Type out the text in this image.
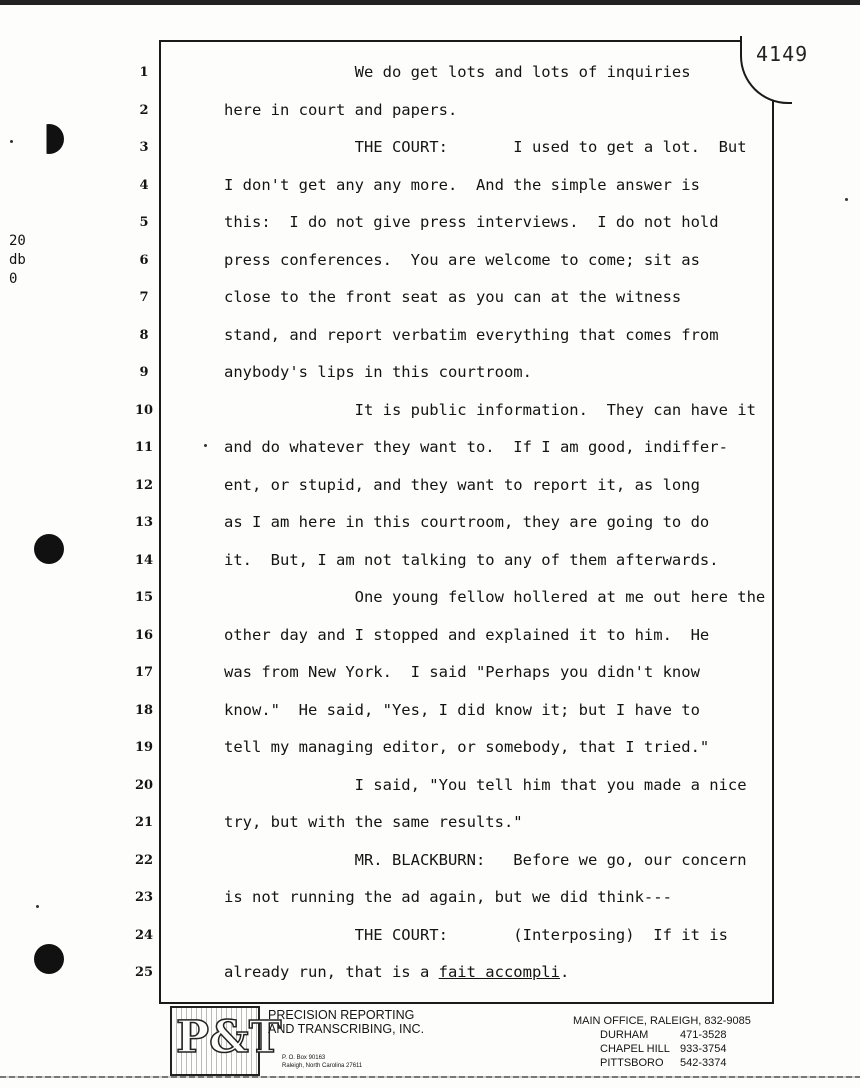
20
db
0
4149
1
2
3
4
5
6
7
8
9
10
11
12
13
14
15
16
17
18
19
20
21
22
23
24
25
We do get lots and lots of inquiries
here in court and papers.
THE COURT:       I used to get a lot.  But
I don't get any any more.  And the simple answer is
this:  I do not give press interviews.  I do not hold
press conferences.  You are welcome to come; sit as
close to the front seat as you can at the witness
stand, and report verbatim everything that comes from
anybody's lips in this courtroom.
It is public information.  They can have it
and do whatever they want to.  If I am good, indiffer-
ent, or stupid, and they want to report it, as long
as I am here in this courtroom, they are going to do
it.  But, I am not talking to any of them afterwards.
One young fellow hollered at me out here the
other day and I stopped and explained it to him.  He
was from New York.  I said "Perhaps you didn't know
know."  He said, "Yes, I did know it; but I have to
tell my managing editor, or somebody, that I tried."
I said, "You tell him that you made a nice
try, but with the same results."
MR. BLACKBURN:   Before we go, our concern
is not running the ad again, but we did think---
THE COURT:       (Interposing)  If it is
already run, that is a fait accompli.
P&T
PRECISION REPORTING
AND TRANSCRIBING, INC.
P. O. Box 90163
Raleigh, North Carolina 27611
MAIN OFFICE, RALEIGH, 832-9085
DURHAM	471-3528
CHAPEL HILL 933-3754
PITTSBORO 542-3374
